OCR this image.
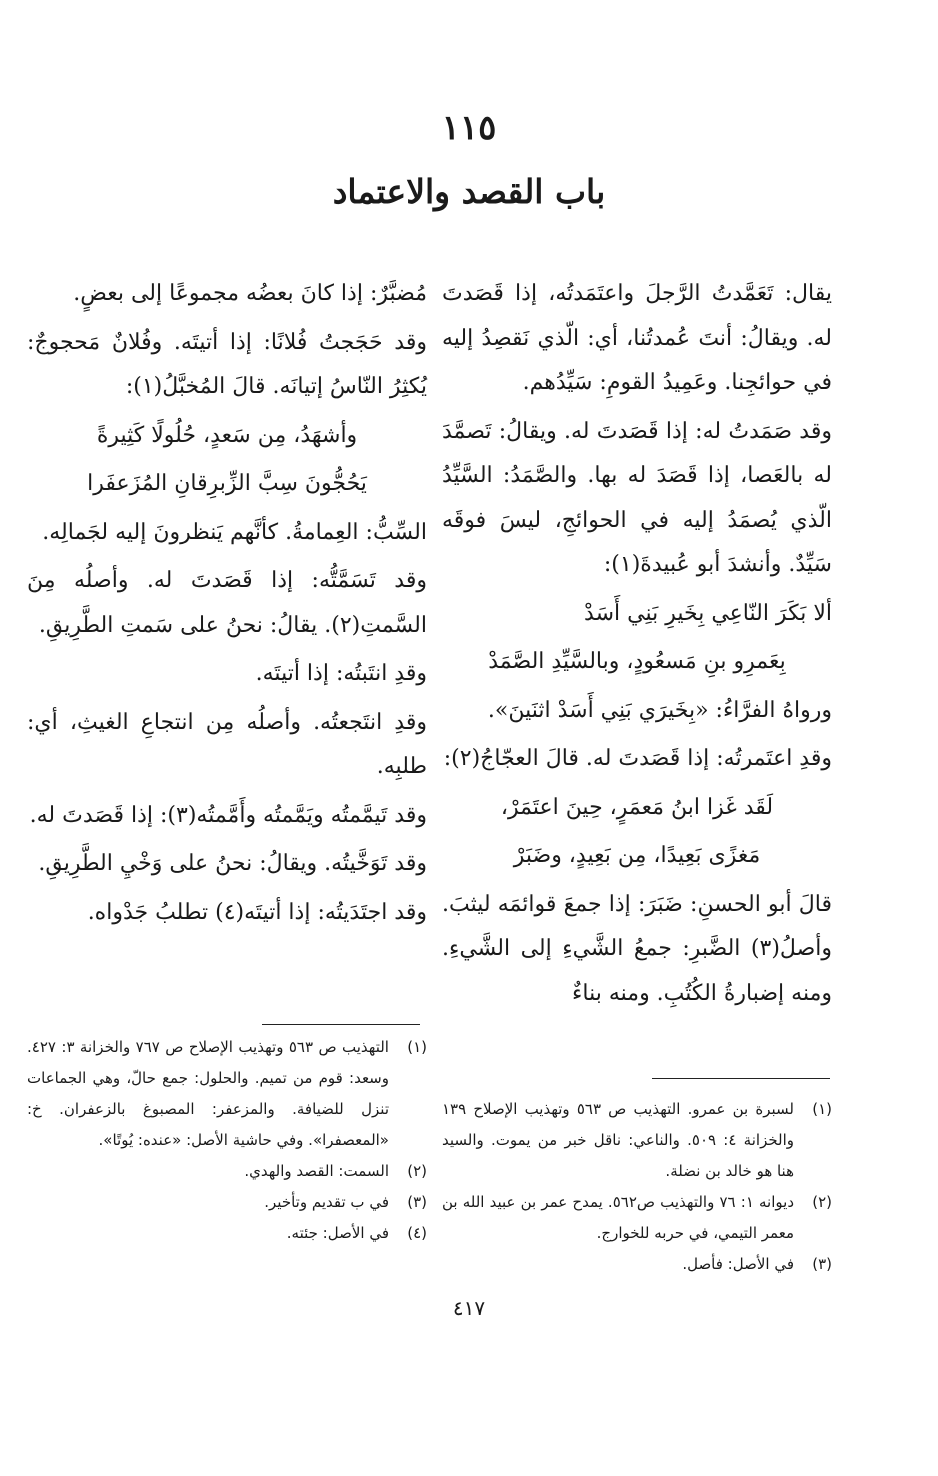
١١٥
باب القصد والاعتماد

يقال: تَعَمَّدتُ الرَّجلَ واعتَمَدتُه، إذا قَصَدتَ له. ويقالُ: أنتَ عُمدتُنا، أي: الّذي نَقصِدُ إليه في حوائجِنا. وعَمِيدُ القومِ: سَيِّدُهم.

وقد صَمَدتُ له: إذا قَصَدتَ له. ويقالُ: تَصمَّدَ له بالعَصا، إذا قَصَدَ له بها. والصَّمَدُ: السَّيِّدُ الّذي يُصمَدُ إليه في الحوائجِ، ليسَ فوقَه سَيِّدٌ. وأنشدَ أبو عُبيدةَ(١):

ألا بَكَرَ النّاعِي بِخَيرِ بَنِي أَسَدْ

بِعَمرِو بنِ مَسعُودٍ، وبالسَّيِّدِ الصَّمَدْ

ورواهُ الفرَّاءُ: «بِخَيرَي بَنِي أَسَدْ اثنَينَ».

وقدِ اعتَمرتُه: إذا قَصَدتَ له. قالَ العجّاجُ(٢):

لَقَد غَزا ابنُ مَعمَرٍ، حِينَ اعتَمَرْ،

مَغزًى بَعِيدًا، مِن بَعِيدٍ، وضَبَرْ

قالَ أبو الحسنِ: ضَبَرَ: إذا جمعَ قوائمَه ليثبَ. وأصلُ(٣) الضَّبرِ: جمعُ الشَّيءِ إلى الشَّيءِ. ومنه إضبارةُ الكُتُبِ. ومنه بناءٌ

مُضبَّرٌ: إذا كانَ بعضُه مجموعًا إلى بعضٍ.

وقد حَجَجتُ فُلانًا: إذا أتيتَه. وفُلانٌ مَحجوجٌ: يُكثِرُ النّاسُ إتيانَه. قالَ المُخبَّلُ(١):

وأشهَدُ، مِن سَعدٍ، حُلُولًا كَثِيرةً

يَحُجُّونَ سِبَّ الزِّبرِقانِ المُزَعفَرا

السِّبُّ: العِمامةُ. كأنَّهم يَنظرونَ إليه لجَمالِه.

وقد تَسَمَّتُّه: إذا قَصَدتَ له. وأصلُه مِنَ السَّمتِ(٢). يقالُ: نحنُ على سَمتِ الطَّرِيقِ.

وقدِ انتَبتُه: إذا أتيتَه.

وقدِ انتَجعتُه. وأصلُه مِن انتجاعِ الغيثِ، أي: طلبِه.

وقد تَيمَّمتُه ويَمَّمتُه وأَمَّمتُه(٣): إذا قَصَدتَ له.

وقد تَوَخَّيتُه. ويقالُ: نحنُ على وَخْيِ الطَّرِيقِ.

وقد اجتَدَيتُه: إذا أتيتَه(٤) تطلبُ جَدْواه.

(١)
لسبرة بن عمرو. التهذيب ص ٥٦٣ وتهذيب الإصلاح ١٣٩ والخزانة ٤: ٥٠٩. والناعي: ناقل خبر من يموت. والسيد هنا هو خالد بن نضلة.
(٢)
ديوانه ١: ٧٦ والتهذيب ص٥٦٢. يمدح عمر بن عبيد الله بن معمر التيمي، في حربه للخوارج.
(٣)
في الأصل: فأصل.
(١)
التهذيب ص ٥٦٣ وتهذيب الإصلاح ص ٧٦٧ والخزانة ٣: ٤٢٧. وسعد: قوم من تميم. والحلول: جمع حالّ، وهي الجماعات تنزل للضيافة. والمزعفر: المصبوغ بالزعفران. خ: «المعصفرا». وفي حاشية الأصل: «عنده: يُوتًا».
(٢)
السمت: القصد والهدي.
(٣)
في ب تقديم وتأخير.
(٤)
في الأصل: جئته.
٤١٧
